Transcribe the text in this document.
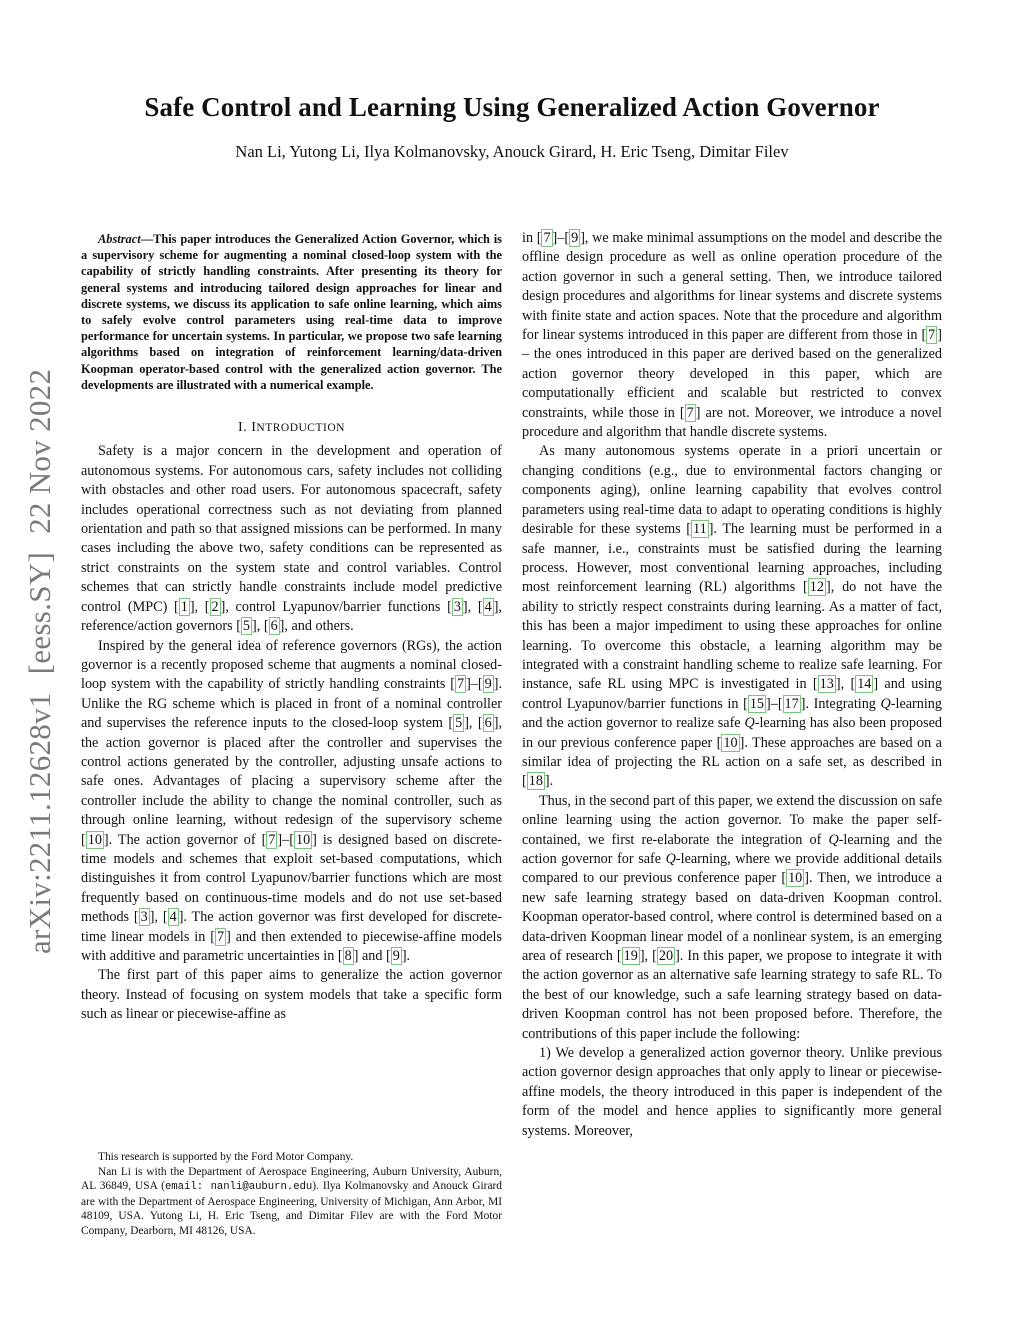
Safe Control and Learning Using Generalized Action Governor
Nan Li, Yutong Li, Ilya Kolmanovsky, Anouck Girard, H. Eric Tseng, Dimitar Filev
arXiv:2211.12628v1[eess.SY]22 Nov 2022

Abstract—This paper introduces the Generalized Action Governor, which is a supervisory scheme for augmenting a nominal closed-loop system with the capability of strictly handling constraints. After presenting its theory for general systems and introducing tailored design approaches for linear and discrete systems, we discuss its application to safe online learning, which aims to safely evolve control parameters using real-time data to improve performance for uncertain systems. In particular, we propose two safe learning algorithms based on integration of reinforcement learning/data-driven Koopman operator-based control with the generalized action governor. The developments are illustrated with a numerical example.

I. INTRODUCTION

Safety is a major concern in the development and operation of autonomous systems. For autonomous cars, safety includes not colliding with obstacles and other road users. For autonomous spacecraft, safety includes operational correctness such as not deviating from planned orientation and path so that assigned missions can be performed. In many cases including the above two, safety conditions can be represented as strict constraints on the system state and control variables. Control schemes that can strictly handle constraints include model predictive control (MPC) [ 1 ], [ 2 ], control Lyapunov/barrier functions [ 3 ], [ 4 ], reference/action governors [ 5 ], [ 6 ], and others.

Inspired by the general idea of reference governors (RGs), the action governor is a recently proposed scheme that augments a nominal closed-loop system with the capability of strictly handling constraints [ 7 ]–[ 9 ]. Unlike the RG scheme which is placed in front of a nominal controller and supervises the reference inputs to the closed-loop system [ 5 ], [ 6 ], the action governor is placed after the controller and supervises the control actions generated by the controller, adjusting unsafe actions to safe ones. Advantages of placing a supervisory scheme after the controller include the ability to change the nominal controller, such as through online learning, without redesign of the supervisory scheme [ 10 ]. The action governor of [ 7 ]–[ 10 ] is designed based on discrete-time models and schemes that exploit set-based computations, which distinguishes it from control Lyapunov/barrier functions which are most frequently based on continuous-time models and do not use set-based methods [ 3 ], [ 4 ]. The action governor was first developed for discrete-time linear models in [ 7 ] and then extended to piecewise-affine models with additive and parametric uncertainties in [ 8 ] and [ 9 ].

The first part of this paper aims to generalize the action governor theory. Instead of focusing on system models that take a specific form such as linear or piecewise-affine as

This research is supported by the Ford Motor Company.

Nan Li is with the Department of Aerospace Engineering, Auburn University, Auburn, AL 36849, USA (email: nanli@auburn.edu). Ilya Kolmanovsky and Anouck Girard are with the Department of Aerospace Engineering, University of Michigan, Ann Arbor, MI 48109, USA. Yutong Li, H. Eric Tseng, and Dimitar Filev are with the Ford Motor Company, Dearborn, MI 48126, USA.

in [ 7 ]–[ 9 ], we make minimal assumptions on the model and describe the offline design procedure as well as online operation procedure of the action governor in such a general setting. Then, we introduce tailored design procedures and algorithms for linear systems and discrete systems with finite state and action spaces. Note that the procedure and algorithm for linear systems introduced in this paper are different from those in [ 7 ] – the ones introduced in this paper are derived based on the generalized action governor theory developed in this paper, which are computationally efficient and scalable but restricted to convex constraints, while those in [ 7 ] are not. Moreover, we introduce a novel procedure and algorithm that handle discrete systems.

As many autonomous systems operate in a priori uncertain or changing conditions (e.g., due to environmental factors changing or components aging), online learning capability that evolves control parameters using real-time data to adapt to operating conditions is highly desirable for these systems [ 11 ]. The learning must be performed in a safe manner, i.e., constraints must be satisfied during the learning process. However, most conventional learning approaches, including most reinforcement learning (RL) algorithms [ 12 ], do not have the ability to strictly respect constraints during learning. As a matter of fact, this has been a major impediment to using these approaches for online learning. To overcome this obstacle, a learning algorithm may be integrated with a constraint handling scheme to realize safe learning. For instance, safe RL using MPC is investigated in [ 13 ], [ 14 ] and using control Lyapunov/barrier functions in [ 15 ]–[ 17 ]. Integrating Q-learning and the action governor to realize safe Q-learning has also been proposed in our previous conference paper [ 10 ]. These approaches are based on a similar idea of projecting the RL action on a safe set, as described in [ 18 ].

Thus, in the second part of this paper, we extend the discussion on safe online learning using the action governor. To make the paper self-contained, we first re-elaborate the integration of Q-learning and the action governor for safe Q-learning, where we provide additional details compared to our previous conference paper [ 10 ]. Then, we introduce a new safe learning strategy based on data-driven Koopman control. Koopman operator-based control, where control is determined based on a data-driven Koopman linear model of a nonlinear system, is an emerging area of research [ 19 ], [ 20 ]. In this paper, we propose to integrate it with the action governor as an alternative safe learning strategy to safe RL. To the best of our knowledge, such a safe learning strategy based on data-driven Koopman control has not been proposed before. Therefore, the contributions of this paper include the following:

1) We develop a generalized action governor theory. Unlike previous action governor design approaches that only apply to linear or piecewise-affine models, the theory introduced in this paper is independent of the form of the model and hence applies to significantly more general systems. Moreover,
